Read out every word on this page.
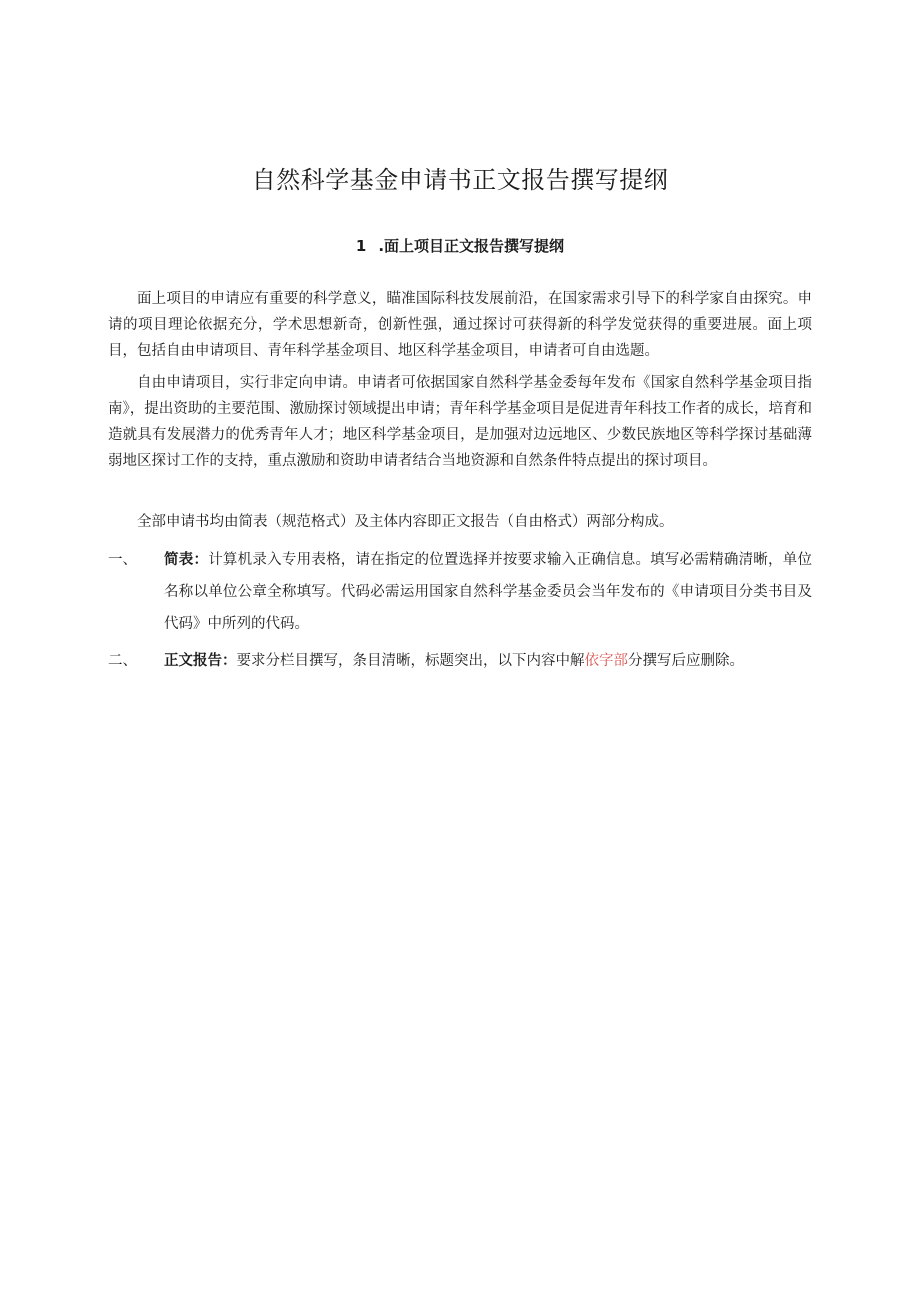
自然科学基金申请书正文报告撰写提纲
1 .面上项目正文报告撰写提纲

面上项目的申请应有重要的科学意义，瞄准国际科技发展前沿，在国家需求引导下的科学家自由探究。申请的项目理论依据充分，学术思想新奇，创新性强，通过探讨可获得新的科学发觉获得的重要进展。面上项目，包括自由申请项目、青年科学基金项目、地区科学基金项目，申请者可自由选题。

自由申请项目，实行非定向申请。申请者可依据国家自然科学基金委每年发布《国家自然科学基金项目指南》，提出资助的主要范围、激励探讨领域提出申请；青年科学基金项目是促进青年科技工作者的成长，培育和造就具有发展潜力的优秀青年人才；地区科学基金项目，是加强对边远地区、少数民族地区等科学探讨基础薄弱地区探讨工作的支持，重点激励和资助申请者结合当地资源和自然条件特点提出的探讨项目。

全部申请书均由简表（规范格式）及主体内容即正文报告（自由格式）两部分构成。

一、	简表：计算机录入专用表格，请在指定的位置选择并按要求输入正确信息。填写必需精确清晰，单位名称以单位公章全称填写。代码必需运用国家自然科学基金委员会当年发布的《申请项目分类书目及代码》中所列的代码。
二、	正文报告：要求分栏目撰写，条目清晰，标题突出，以下内容中解依字部分撰写后应删除。
